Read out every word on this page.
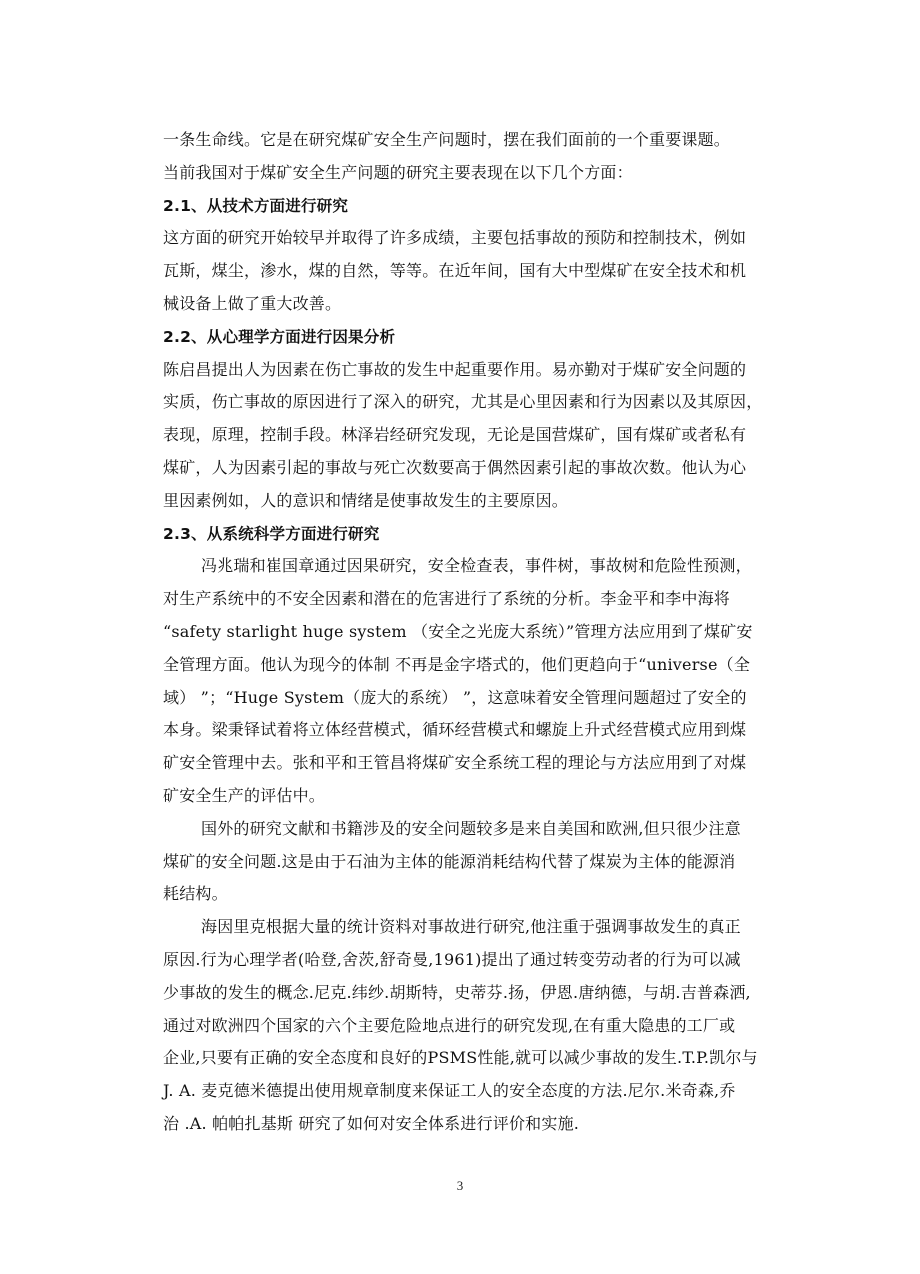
一条生命线。它是在研究煤矿安全生产问题时，摆在我们面前的一个重要课题。
当前我国对于煤矿安全生产问题的研究主要表现在以下几个方面：
2.1、从技术方面进行研究
这方面的研究开始较早并取得了许多成绩，主要包括事故的预防和控制技术，例如
瓦斯，煤尘，渗水，煤的自然，等等。在近年间，国有大中型煤矿在安全技术和机
械设备上做了重大改善。
2.2、从心理学方面进行因果分析
陈启昌提出人为因素在伤亡事故的发生中起重要作用。易亦勤对于煤矿安全问题的
实质，伤亡事故的原因进行了深入的研究，尤其是心里因素和行为因素以及其原因，
表现，原理，控制手段。林泽岩经研究发现，无论是国营煤矿，国有煤矿或者私有
煤矿，人为因素引起的事故与死亡次数要高于偶然因素引起的事故次数。他认为心
里因素例如，人的意识和情绪是使事故发生的主要原因。
2.3、从系统科学方面进行研究
冯兆瑞和崔国章通过因果研究，安全检查表，事件树，事故树和危险性预测，
对生产系统中的不安全因素和潜在的危害进行了系统的分析。李金平和李中海将
“safety starlight huge system （安全之光庞大系统）”管理方法应用到了煤矿安
全管理方面。他认为现今的体制 不再是金字塔式的，他们更趋向于“universe（全
域） ”；“Huge System（庞大的系统） ”，这意味着安全管理问题超过了安全的
本身。梁秉铎试着将立体经营模式，循环经营模式和螺旋上升式经营模式应用到煤
矿安全管理中去。张和平和王管昌将煤矿安全系统工程的理论与方法应用到了对煤
矿安全生产的评估中。
国外的研究文献和书籍涉及的安全问题较多是来自美国和欧洲,但只很少注意
煤矿的安全问题.这是由于石油为主体的能源消耗结构代替了煤炭为主体的能源消
耗结构。
海因里克根据大量的统计资料对事故进行研究,他注重于强调事故发生的真正
原因.行为心理学者(哈登,舍茨,舒奇曼,1961)提出了通过转变劳动者的行为可以减
少事故的发生的概念.尼克.纬纱.胡斯特，史蒂芬.扬，伊恩.唐纳德，与胡.吉普森洒,
通过对欧洲四个国家的六个主要危险地点进行的研究发现,在有重大隐患的工厂或
企业,只要有正确的安全态度和良好的PSMS性能,就可以减少事故的发生.T.P.凯尔与
J. A. 麦克德米德提出使用规章制度来保证工人的安全态度的方法.尼尔.米奇森,乔
治 .A. 帕帕扎基斯 研究了如何对安全体系进行评价和实施.
3
